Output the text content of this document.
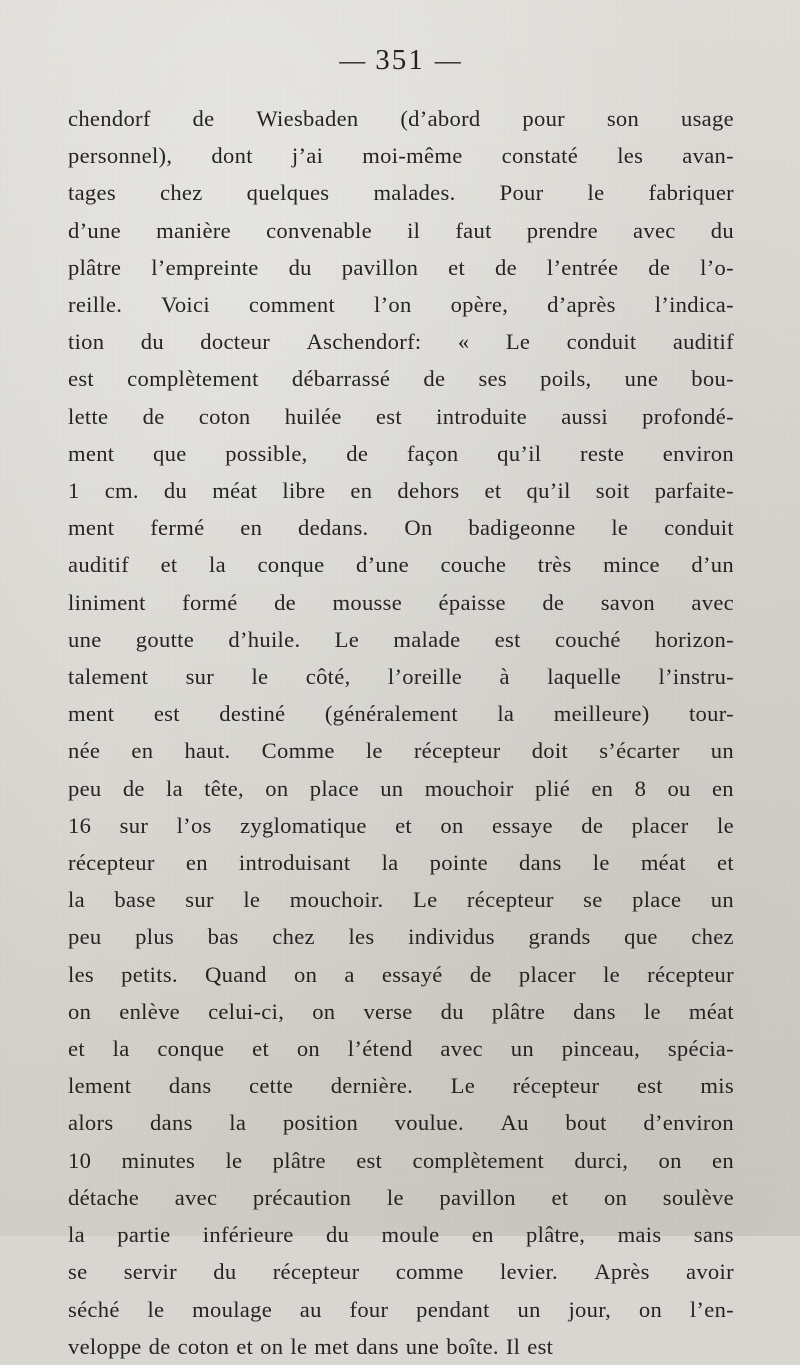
— 351 —

chendorf de Wiesbaden (d’abord pour son usage
personnel), dont j’ai moi-même constaté les avan-
tages chez quelques malades. Pour le fabriquer
d’une manière convenable il faut prendre avec du
plâtre l’empreinte du pavillon et de l’entrée de l’o-
reille. Voici comment l’on opère, d’après l’indica-
tion du docteur Aschendorf: « Le conduit auditif
est complètement débarrassé de ses poils, une bou-
lette de coton huilée est introduite aussi profondé-
ment que possible, de façon qu’il reste environ
1 cm. du méat libre en dehors et qu’il soit parfaite-
ment fermé en dedans. On badigeonne le conduit
auditif et la conque d’une couche très mince d’un
liniment formé de mousse épaisse de savon avec
une goutte d’huile. Le malade est couché horizon-
talement sur le côté, l’oreille à laquelle l’instru-
ment est destiné (généralement la meilleure) tour-
née en haut. Comme le récepteur doit s’écarter un
peu de la tête, on place un mouchoir plié en 8 ou en
16 sur l’os zyglomatique et on essaye de placer le
récepteur en introduisant la pointe dans le méat et
la base sur le mouchoir. Le récepteur se place un
peu plus bas chez les individus grands que chez
les petits. Quand on a essayé de placer le récepteur
on enlève celui-ci, on verse du plâtre dans le méat
et la conque et on l’étend avec un pinceau, spécia-
lement dans cette dernière. Le récepteur est mis
alors dans la position voulue. Au bout d’environ
10 minutes le plâtre est complètement durci, on en
détache avec précaution le pavillon et on soulève
la partie inférieure du moule en plâtre, mais sans
se servir du récepteur comme levier. Après avoir
séché le moulage au four pendant un jour, on l’en-
veloppe de coton et on le met dans une boîte. Il est
